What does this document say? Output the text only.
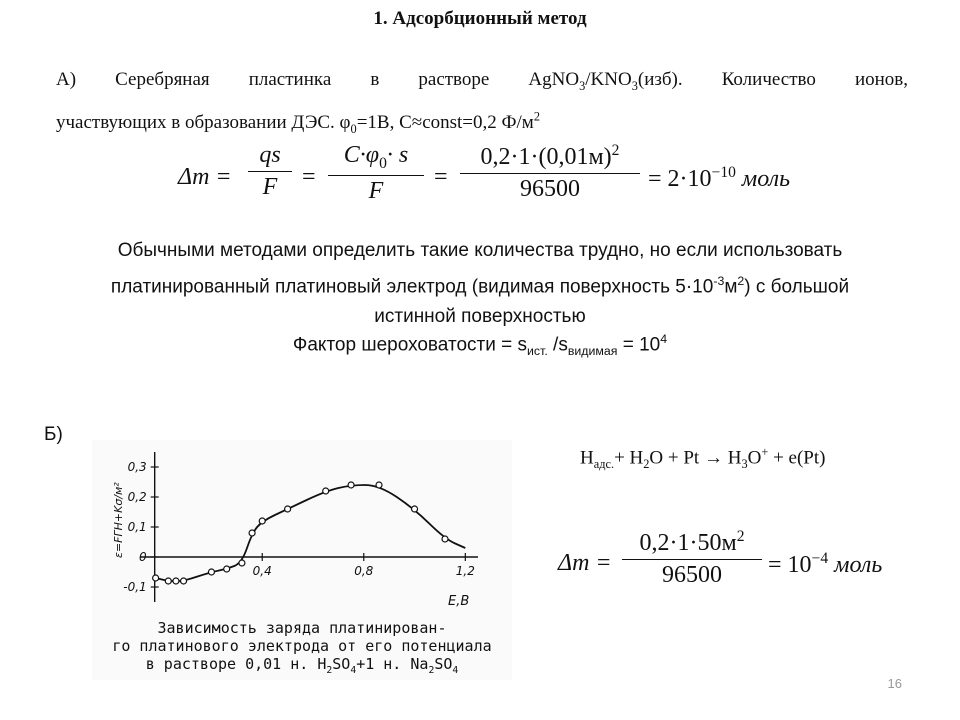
1. Адсорбционный метод
А) Серебряная пластинка в растворе $AgNO_3/KNO_3(изб)$. Количество ионов,
участвующих в образовании ДЭС. $\varphi_0=1В$, C≈const=0,2 $Ф/м^2$
Δm =
qs
F	=
$C\cdot\varphi_0\cdot s$
F
=
$0,2\cdot 1\cdot(0,01м)^2$
96500	= $2\cdot 10^{-10}$ моль
Обычными методами определить такие количества трудно, но если использовать
платинированный платиновый электрод (видимая поверхность $5\cdot 10^{-3}м^2$) с большой
истинной поверхностью
Фактор шероховатости = $s_{ист.}$ $/s_{видимая} = 10^4$
Б)
$H_{адс.}+ H_2O + Pt \to H_3O^+ + e(Pt)$
Δm =
$0,2\cdot 1\cdot 50м^2$
96500	= $10^{-4}$ моль
0,3
0,2
0,1
0
-0,1
0,4	0,8	1,2
ε=FΓH+Kσ/м²
E,B
Зависимость заряда платинирован-
го платинового электрода от его потенциала
в растворе 0,01 н. $H_2SO_4+1$ н. $Na_2SO_4$
16
